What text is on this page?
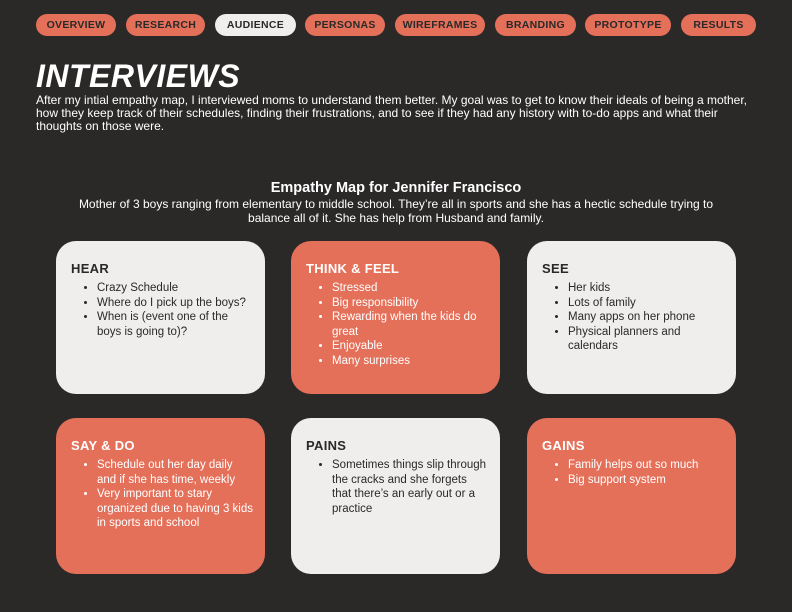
OVERVIEW	RESEARCH	AUDIENCE	PERSONAS	WIREFRAMES	BRANDING	PROTOTYPE	RESULTS
INTERVIEWS

After my intial empathy map, I interviewed moms to understand them better. My goal was to get to know their ideals of being a mother, how they keep track of their schedules, finding their frustrations, and to see if they had any history with to-do apps and what their thoughts on those were.

Empathy Map for Jennifer Francisco

Mother of 3 boys ranging from elementary to middle school. They’re all in sports and she has a hectic schedule trying to balance all of it. She has help from Husband and family.

HEAR
• Crazy Schedule
• Where do I pick up the boys?
• When is (event one of the boys is going to)?
THINK & FEEL
• Stressed
• Big responsibility
• Rewarding when the kids do great
• Enjoyable
• Many surprises
SEE
• Her kids
• Lots of family
• Many apps on her phone
• Physical planners and calendars
SAY & DO
• Schedule out her day daily and if she has time, weekly
• Very important to stary organized due to having 3 kids in sports and school
PAINS
• Sometimes things slip through the cracks and she forgets that there’s an early out or a practice
GAINS
• Family helps out so much
• Big support system
